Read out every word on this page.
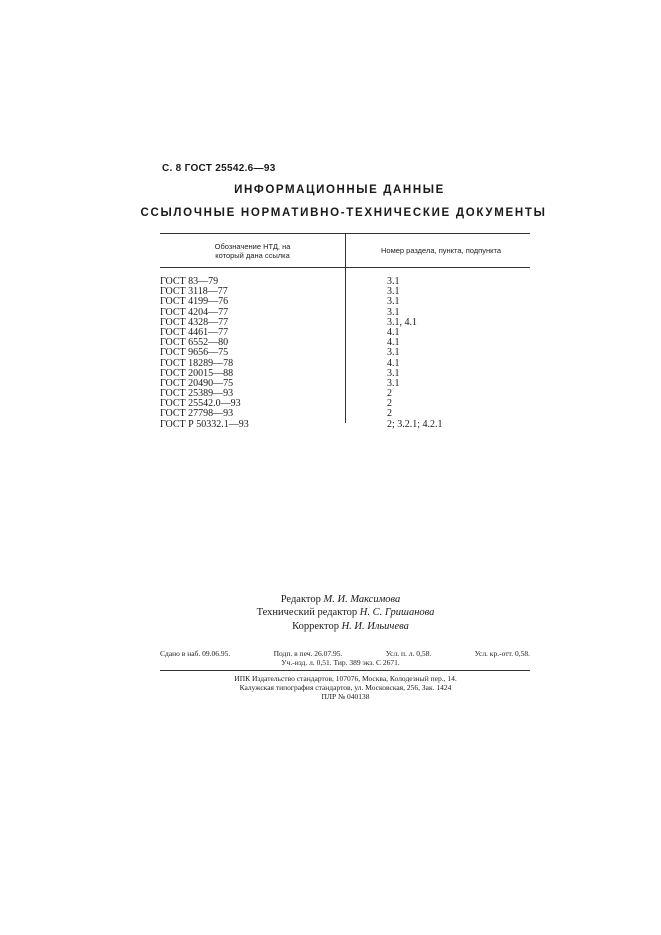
С. 8 ГОСТ 25542.6—93
ИНФОРМАЦИОННЫЕ ДАННЫЕ
ССЫЛОЧНЫЕ НОРМАТИВНО-ТЕХНИЧЕСКИЕ ДОКУМЕНТЫ
Обозначение НТД, на
который дана ссылка
Номер раздела, пункта, подпункта
ГОСТ 83—79	3.1
ГОСТ 3118—77	3.1
ГОСТ 4199—76	3.1
ГОСТ 4204—77	3.1
ГОСТ 4328—77	3.1, 4.1
ГОСТ 4461—77	4.1
ГОСТ 6552—80	4.1
ГОСТ 9656—75	3.1
ГОСТ 18289—78	4.1
ГОСТ 20015—88	3.1
ГОСТ 20490—75	3.1
ГОСТ 25389—93	2
ГОСТ 25542.0—93	2
ГОСТ 27798—93	2
ГОСТ Р 50332.1—93	2; 3.2.1; 4.2.1
Редактор М. И. Максимова
Технический редактор Н. С. Гришанова
Корректор Н. И. Ильичева
Сдано в наб. 09.06.95.	Подп. в печ. 26.07.95.	Усл. п. л. 0,58.	Усл. кр.-отт. 0,58.
Уч.-изд. л. 0,51. Тир. 389 экз. С 2671.
ИПК Издательство стандартов, 107076, Москва, Колодезный пер., 14.
Калужская типография стандартов, ул. Московская, 256, Зак. 1424
ПЛР № 040138
